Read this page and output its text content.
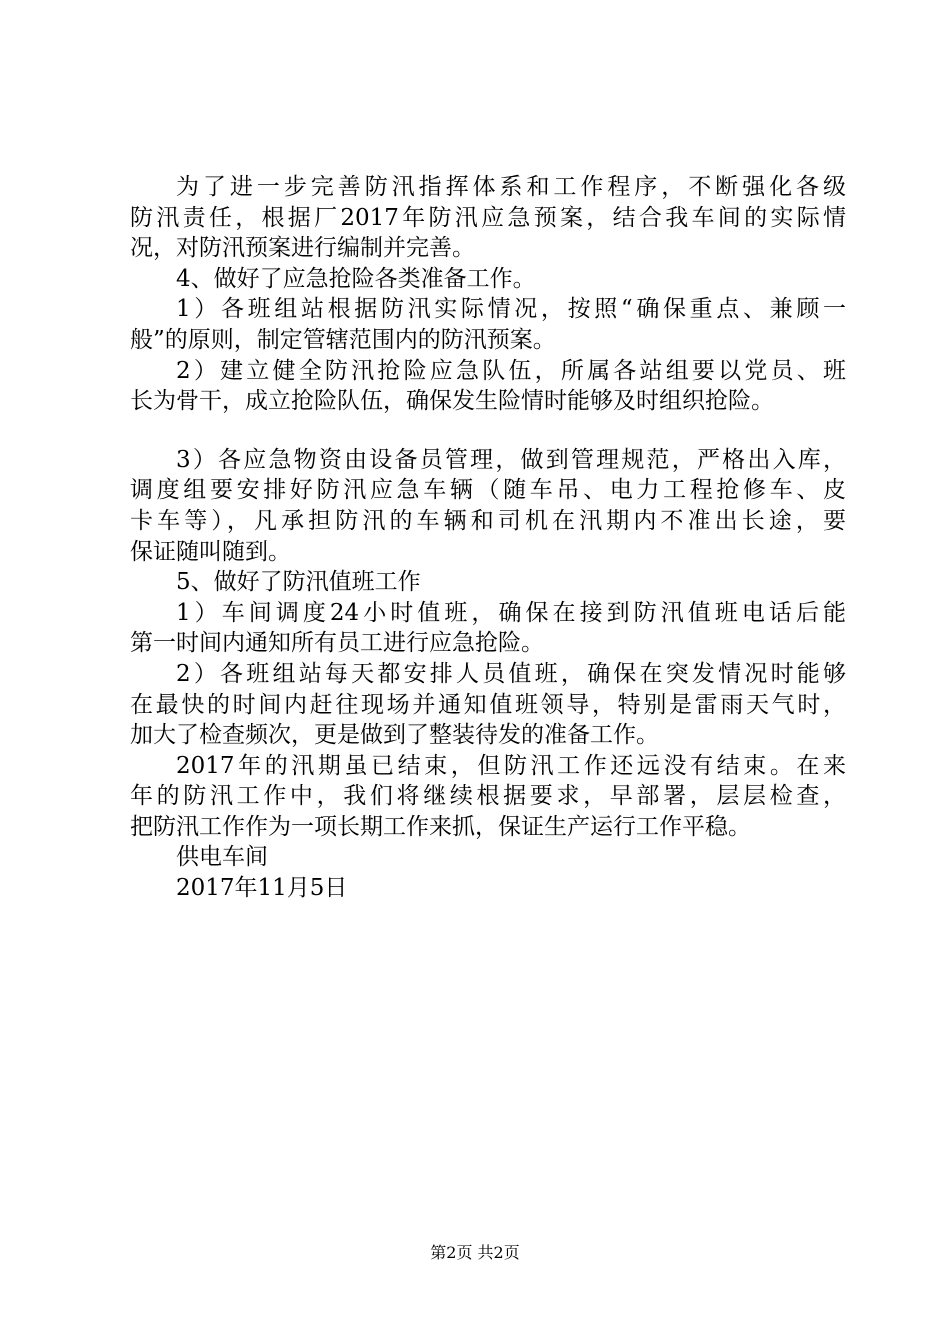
为了进一步完善防汛指挥体系和工作程序，不断强化各级
防汛责任，根据厂2017年防汛应急预案，结合我车间的实际情
况，对防汛预案进行编制并完善。
4、做好了应急抢险各类准备工作。
1）各班组站根据防汛实际情况，按照“确保重点、兼顾一
般”的原则，制定管辖范围内的防汛预案。
2）建立健全防汛抢险应急队伍，所属各站组要以党员、班
长为骨干，成立抢险队伍，确保发生险情时能够及时组织抢险。
3）各应急物资由设备员管理，做到管理规范，严格出入库，
调度组要安排好防汛应急车辆（随车吊、电力工程抢修车、皮
卡车等），凡承担防汛的车辆和司机在汛期内不准出长途，要
保证随叫随到。
5、做好了防汛值班工作
1）车间调度24小时值班，确保在接到防汛值班电话后能
第一时间内通知所有员工进行应急抢险。
2）各班组站每天都安排人员值班，确保在突发情况时能够
在最快的时间内赶往现场并通知值班领导，特别是雷雨天气时，
加大了检查频次，更是做到了整装待发的准备工作。
2017年的汛期虽已结束，但防汛工作还远没有结束。在来
年的防汛工作中，我们将继续根据要求，早部署，层层检查，
把防汛工作作为一项长期工作来抓，保证生产运行工作平稳。
供电车间
2017年11月5日
第2页 共2页
